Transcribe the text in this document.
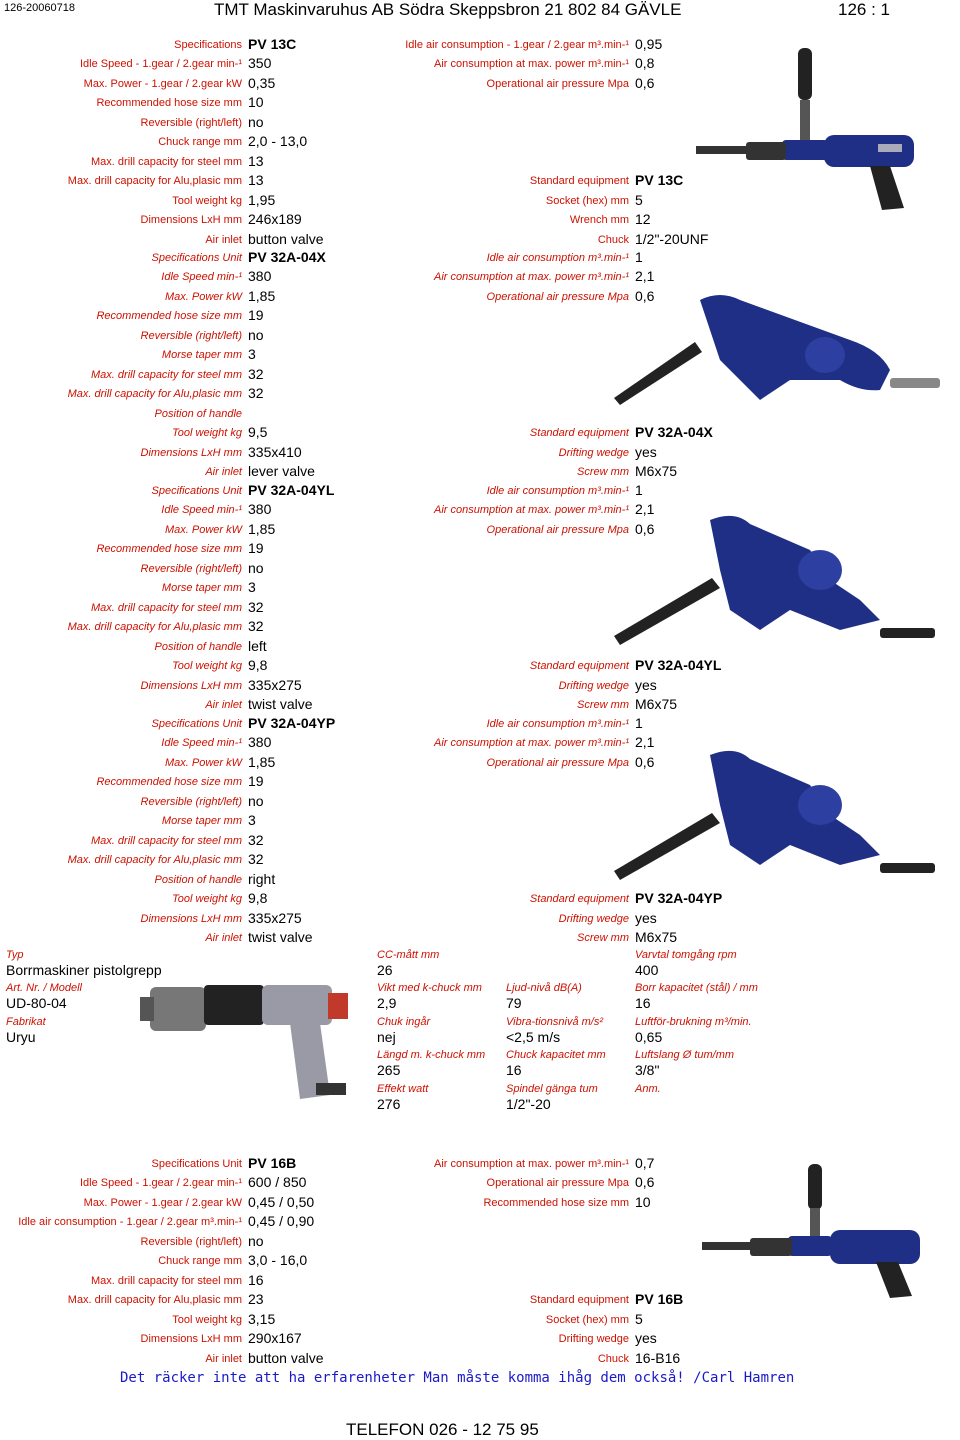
126-20060718	TMT Maskinvaruhus AB Södra Skeppsbron 21 802 84 GÄVLE	126 : 1
Specifications PV 13C
Idle Speed - 1.gear / 2.gear min-¹ 350
Max. Power - 1.gear / 2.gear kW 0,35
Recommended hose size mm 10
Reversible (right/left) no
Chuck range mm 2,0 - 13,0
Max. drill capacity for steel mm 13
Max. drill capacity for Alu,plasic mm 13
Tool weight kg 1,95
Dimensions LxH mm 246x189
Air inlet button valve
Idle air consumption - 1.gear / 2.gear m³.min-¹ 0,95
Air consumption at max. power m³.min-¹ 0,8
Operational air pressure Mpa 0,6
Standard equipment PV 13C
Socket (hex) mm 5
Wrench mm 12
Chuck 1/2"-20UNF
Specifications Unit PV 32A-04X
Idle Speed min-¹ 380
Max. Power kW 1,85
Recommended hose size mm 19
Reversible (right/left) no
Morse taper mm 3
Max. drill capacity for steel mm 32
Max. drill capacity for Alu,plasic mm 32
Position of handle
Tool weight kg 9,5
Dimensions LxH mm 335x410
Air inlet lever valve
Idle air consumption m³.min-¹ 1
Air consumption at max. power m³.min-¹ 2,1
Operational air pressure Mpa 0,6
Standard equipment PV 32A-04X
Drifting wedge yes
Screw mm M6x75
Specifications Unit PV 32A-04YL
Idle Speed min-¹ 380
Max. Power kW 1,85
Recommended hose size mm 19
Reversible (right/left) no
Morse taper mm 3
Max. drill capacity for steel mm 32
Max. drill capacity for Alu,plasic mm 32
Position of handle left
Tool weight kg 9,8
Dimensions LxH mm 335x275
Air inlet twist valve
Idle air consumption m³.min-¹ 1
Air consumption at max. power m³.min-¹ 2,1
Operational air pressure Mpa 0,6
Standard equipment PV 32A-04YL
Drifting wedge yes
Screw mm M6x75
Specifications Unit PV 32A-04YP
Idle Speed min-¹ 380
Max. Power kW 1,85
Recommended hose size mm 19
Reversible (right/left) no
Morse taper mm 3
Max. drill capacity for steel mm 32
Max. drill capacity for Alu,plasic mm 32
Position of handle right
Tool weight kg 9,8
Dimensions LxH mm 335x275
Air inlet twist valve
Idle air consumption m³.min-¹ 1
Air consumption at max. power m³.min-¹ 2,1
Operational air pressure Mpa 0,6
Standard equipment PV 32A-04YP
Drifting wedge yes
Screw mm M6x75
Specifications Unit PV 16B
Idle Speed - 1.gear / 2.gear min-¹ 600 / 850
Max. Power - 1.gear / 2.gear kW 0,45 / 0,50
Idle air consumption - 1.gear / 2.gear m³.min-¹ 0,45 / 0,90
Reversible (right/left) no
Chuck range mm 3,0 - 16,0
Max. drill capacity for steel mm 16
Max. drill capacity for Alu,plasic mm 23
Tool weight kg 3,15
Dimensions LxH mm 290x167
Air inlet button valve
Air consumption at max. power m³.min-¹ 0,7
Operational air pressure Mpa 0,6
Recommended hose size mm 10
Standard equipment PV 16B
Socket (hex) mm 5
Drifting wedge yes
Chuck 16-B16
Typ
Borrmaskiner pistolgrepp
Art. Nr. / Modell
UD-80-04
Fabrikat
Uryu
CC-mått mm
26
Vikt med k-chuck mm
2,9
Chuk ingår
nej
Längd m. k-chuck mm
265
Effekt watt
276
Ljud-nivå dB(A)
79
Vibra-tionsnivå m/s²
<2,5 m/s
Chuck kapacitet mm
16
Spindel gänga tum
1/2"-20
Varvtal tomgång rpm
400
Borr kapacitet (stål) / mm
16
Luftför-brukning m³/min.
0,65
Luftslang Ø tum/mm
3/8"
Anm.
Det räcker inte att ha erfarenheter Man måste komma ihåg dem också! /Carl Hamren
TELEFON 026 - 12 75 95
